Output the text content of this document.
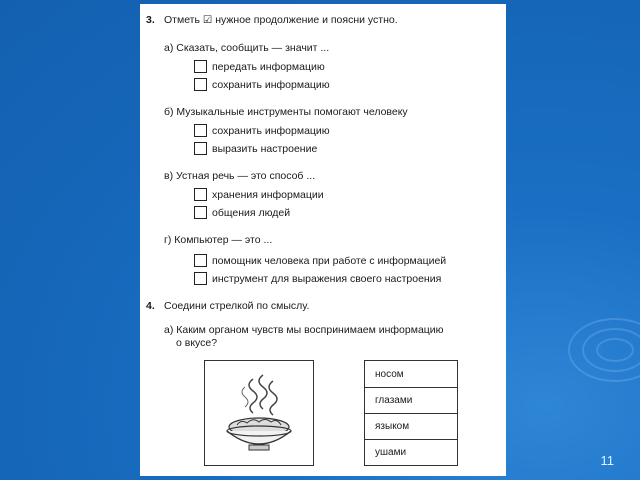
3. Отметь ☑ нужное продолжение и поясни устно.
а) Сказать, сообщить — значит ...
передать информацию
сохранить информацию
б) Музыкальные инструменты помогают человеку
сохранить информацию
выразить настроение
в) Устная речь — это способ ...
хранения информации
общения людей
г) Компьютер — это ...
помощник человека при работе с информацией
инструмент для выражения своего настроения
4. Соедини стрелкой по смыслу.
а) Каким органом чувств мы воспринимаем информацию
о вкусе?
носом
глазами
языком
ушами
11
